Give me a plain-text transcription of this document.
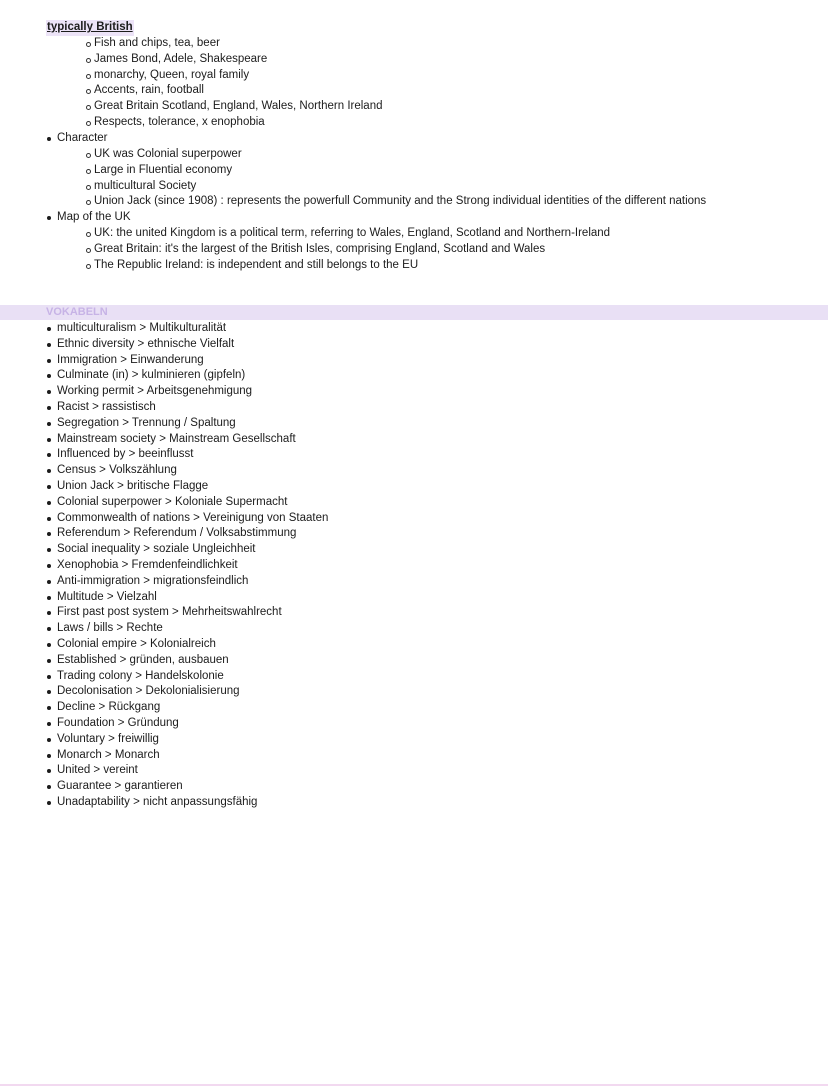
typically British
Fish and chips, tea, beer
James Bond, Adele, Shakespeare
monarchy, Queen, royal family
Accents, rain, football
Great Britain Scotland, England, Wales, Northern Ireland
Respects, tolerance, x enophobia
Character
UK was Colonial superpower
Large in Fluential economy
multicultural Society
Union Jack (since 1908) : represents the powerfull Community and the Strong individual identities of the different nations
Map of the UK
UK: the united Kingdom is a political term, referring to Wales, England, Scotland and Northern-Ireland
Great Britain: it's the largest of the British Isles, comprising England, Scotland and Wales
The Republic Ireland: is independent and still belongs to the EU
VOKABELN
multiculturalism > Multikulturalität
Ethnic diversity > ethnische Vielfalt
Immigration > Einwanderung
Culminate (in) > kulminieren (gipfeln)
Working permit > Arbeitsgenehmigung
Racist > rassistisch
Segregation > Trennung / Spaltung
Mainstream society > Mainstream Gesellschaft
Influenced by > beeinflusst
Census > Volkszählung
Union Jack > britische Flagge
Colonial superpower > Koloniale Supermacht
Commonwealth of nations > Vereinigung von Staaten
Referendum > Referendum / Volksabstimmung
Social inequality > soziale Ungleichheit
Xenophobia > Fremdenfeindlichkeit
Anti-immigration > migrationsfeindlich
Multitude > Vielzahl
First past post system > Mehrheitswahlrecht
Laws / bills > Rechte
Colonial empire > Kolonialreich
Established > gründen, ausbauen
Trading colony > Handelskolonie
Decolonisation > Dekolonialisierung
Decline > Rückgang
Foundation > Gründung
Voluntary > freiwillig
Monarch > Monarch
United > vereint
Guarantee > garantieren
Unadaptability > nicht anpassungsfähig
